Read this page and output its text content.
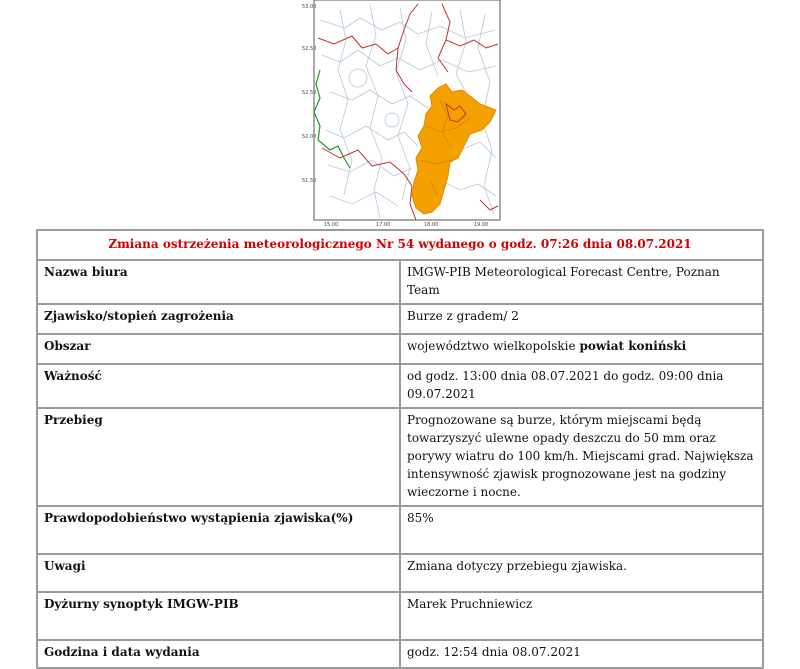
53.00
52.50
52.50
52.00
51.50
15.00	17.00	18.00	19.00
Zmiana ostrzeżenia meteorologicznego Nr 54 wydanego o godz. 07:26 dnia 08.07.2021	
Nazwa biura	IMGW-PIB Meteorological Forecast Centre, Poznan Team
Zjawisko/stopień zagrożenia	Burze z gradem/ 2
Obszar	województwo wielkopolskie powiat koniński
Ważność	od godz. 13:00 dnia 08.07.2021 do godz. 09:00 dnia 09.07.2021
Przebieg	Prognozowane są burze, którym miejscami będą towarzyszyć ulewne opady deszczu do 50 mm oraz porywy wiatru do 100 km/h. Miejscami grad. Największa intensywność zjawisk prognozowane jest na godziny wieczorne i nocne.
Prawdopodobieństwo wystąpienia zjawiska(%)	85%
Uwagi	Zmiana dotyczy przebiegu zjawiska.
Dyżurny synoptyk IMGW-PIB	Marek Pruchniewicz
Godzina i data wydania	godz. 12:54 dnia 08.07.2021
